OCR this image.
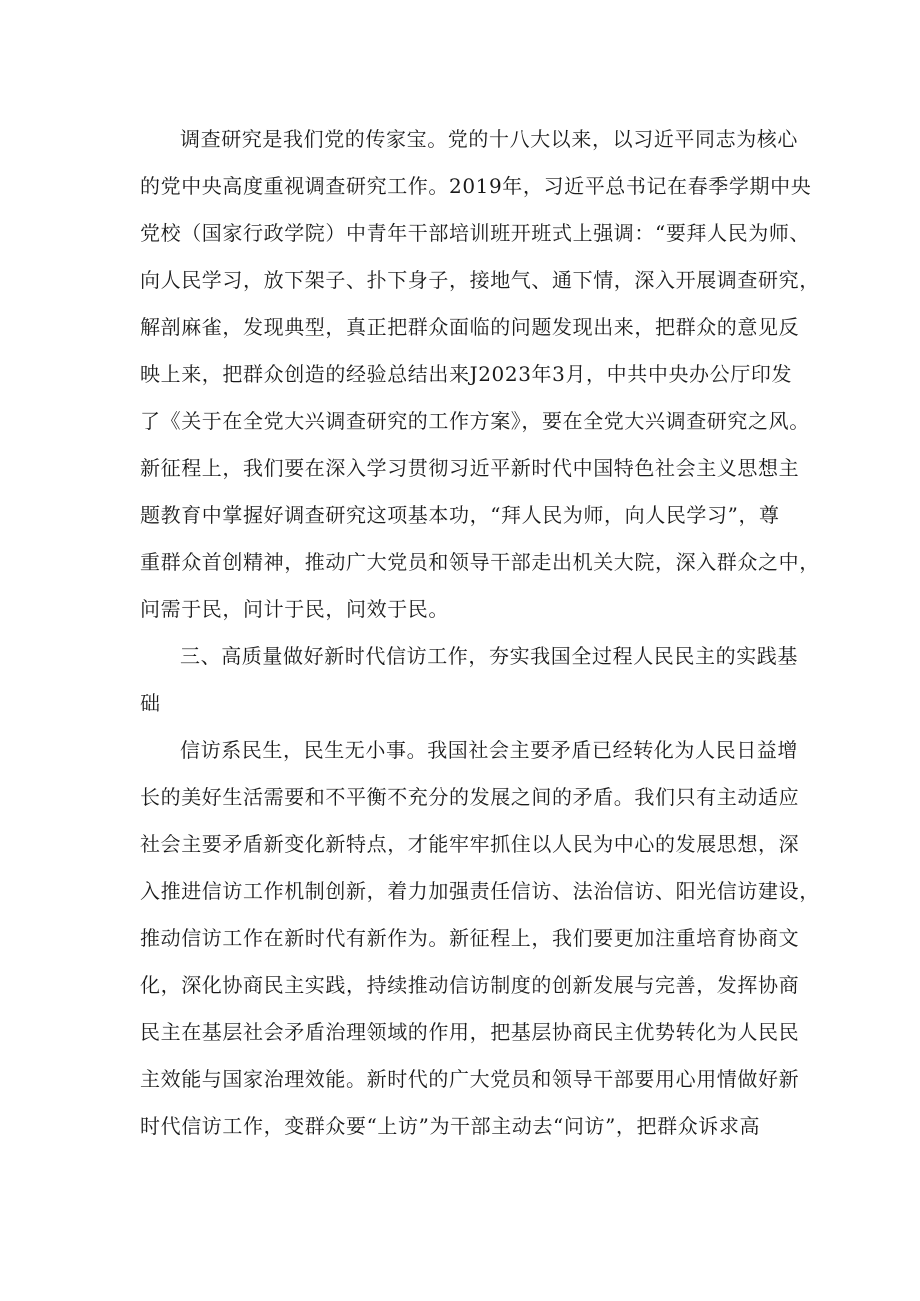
调查研究是我们党的传家宝。党的十八大以来，以习近平同志为核心
的党中央高度重视调查研究工作。2019年，习近平总书记在春季学期中央
党校（国家行政学院）中青年干部培训班开班式上强调：“要拜人民为师、
向人民学习，放下架子、扑下身子，接地气、通下情，深入开展调查研究，
解剖麻雀，发现典型，真正把群众面临的问题发现出来，把群众的意见反
映上来，把群众创造的经验总结出来J2023年3月，中共中央办公厅印发
了《关于在全党大兴调查研究的工作方案》，要在全党大兴调查研究之风。
新征程上，我们要在深入学习贯彻习近平新时代中国特色社会主义思想主
题教育中掌握好调查研究这项基本功，“拜人民为师，向人民学习”，尊
重群众首创精神，推动广大党员和领导干部走出机关大院，深入群众之中，
问需于民，问计于民，问效于民。
三、高质量做好新时代信访工作，夯实我国全过程人民民主的实践基
础
信访系民生，民生无小事。我国社会主要矛盾已经转化为人民日益增
长的美好生活需要和不平衡不充分的发展之间的矛盾。我们只有主动适应
社会主要矛盾新变化新特点，才能牢牢抓住以人民为中心的发展思想，深
入推进信访工作机制创新，着力加强责任信访、法治信访、阳光信访建设，
推动信访工作在新时代有新作为。新征程上，我们要更加注重培育协商文
化，深化协商民主实践，持续推动信访制度的创新发展与完善，发挥协商
民主在基层社会矛盾治理领域的作用，把基层协商民主优势转化为人民民
主效能与国家治理效能。新时代的广大党员和领导干部要用心用情做好新
时代信访工作，变群众要“上访”为干部主动去“问访”，把群众诉求高
